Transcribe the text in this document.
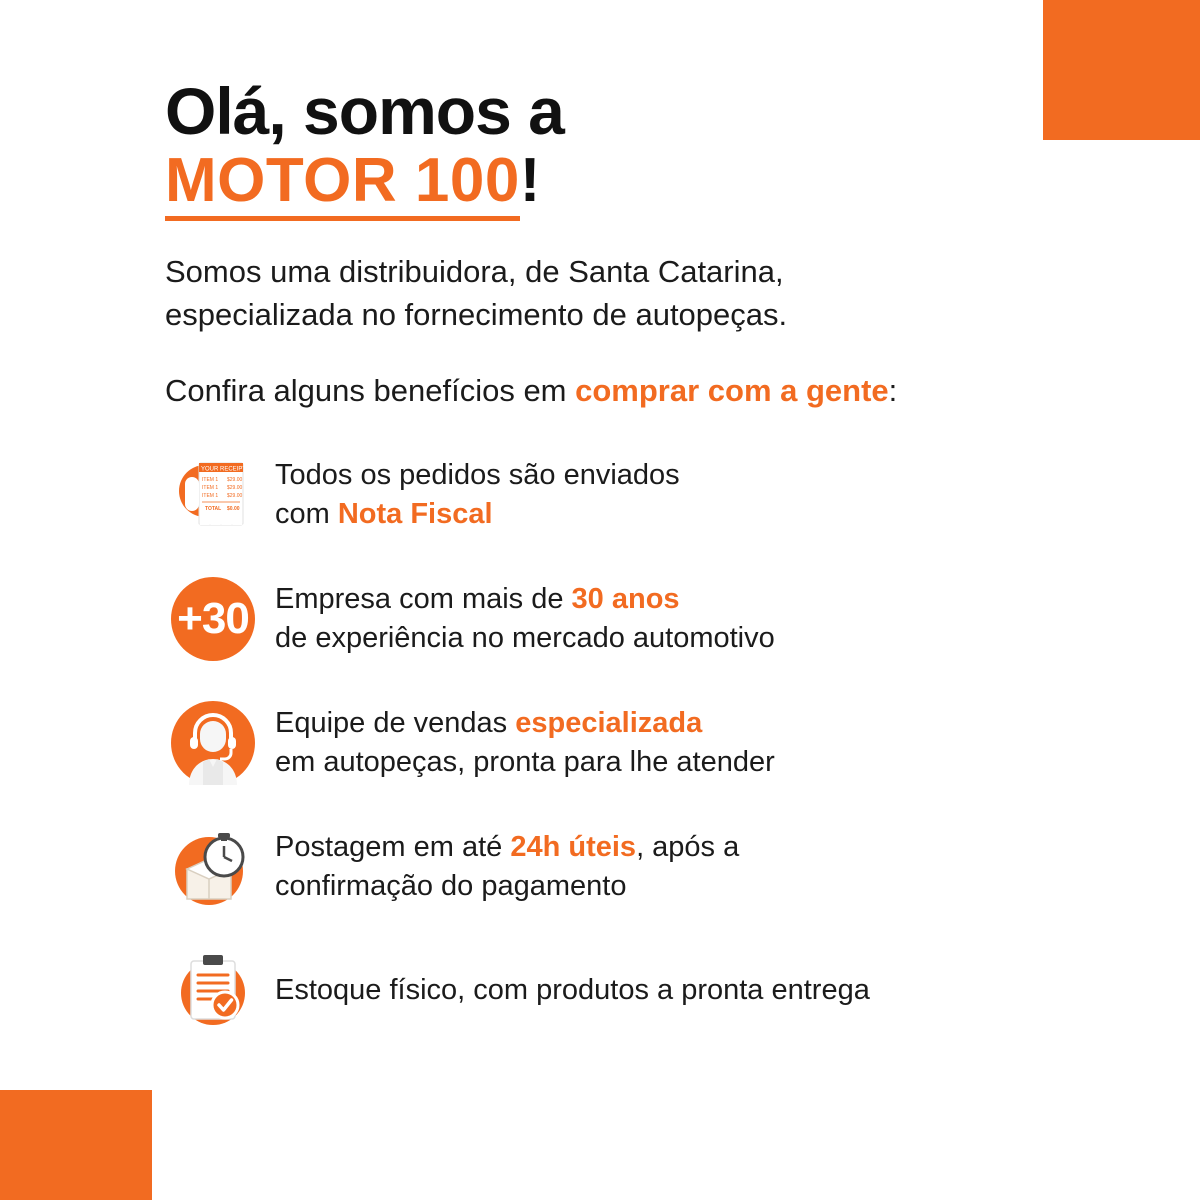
Olá, somos a
MOTOR 100!

Somos uma distribuidora, de Santa Catarina,
especializada no fornecimento de autopeças.

Confira alguns benefícios em comprar com a gente:

YOUR RECEIPT
ITEM 1 $29.00
ITEM 1 $29.00
ITEM 1 $29.00
TOTAL $0.00
Todos os pedidos são enviados
com Nota Fiscal
+30 Empresa com mais de 30 anos
de experiência no mercado automotivo
Equipe de vendas especializada
em autopeças, pronta para lhe atender
Postagem em até 24h úteis, após a
confirmação do pagamento
Estoque físico, com produtos a pronta entrega
